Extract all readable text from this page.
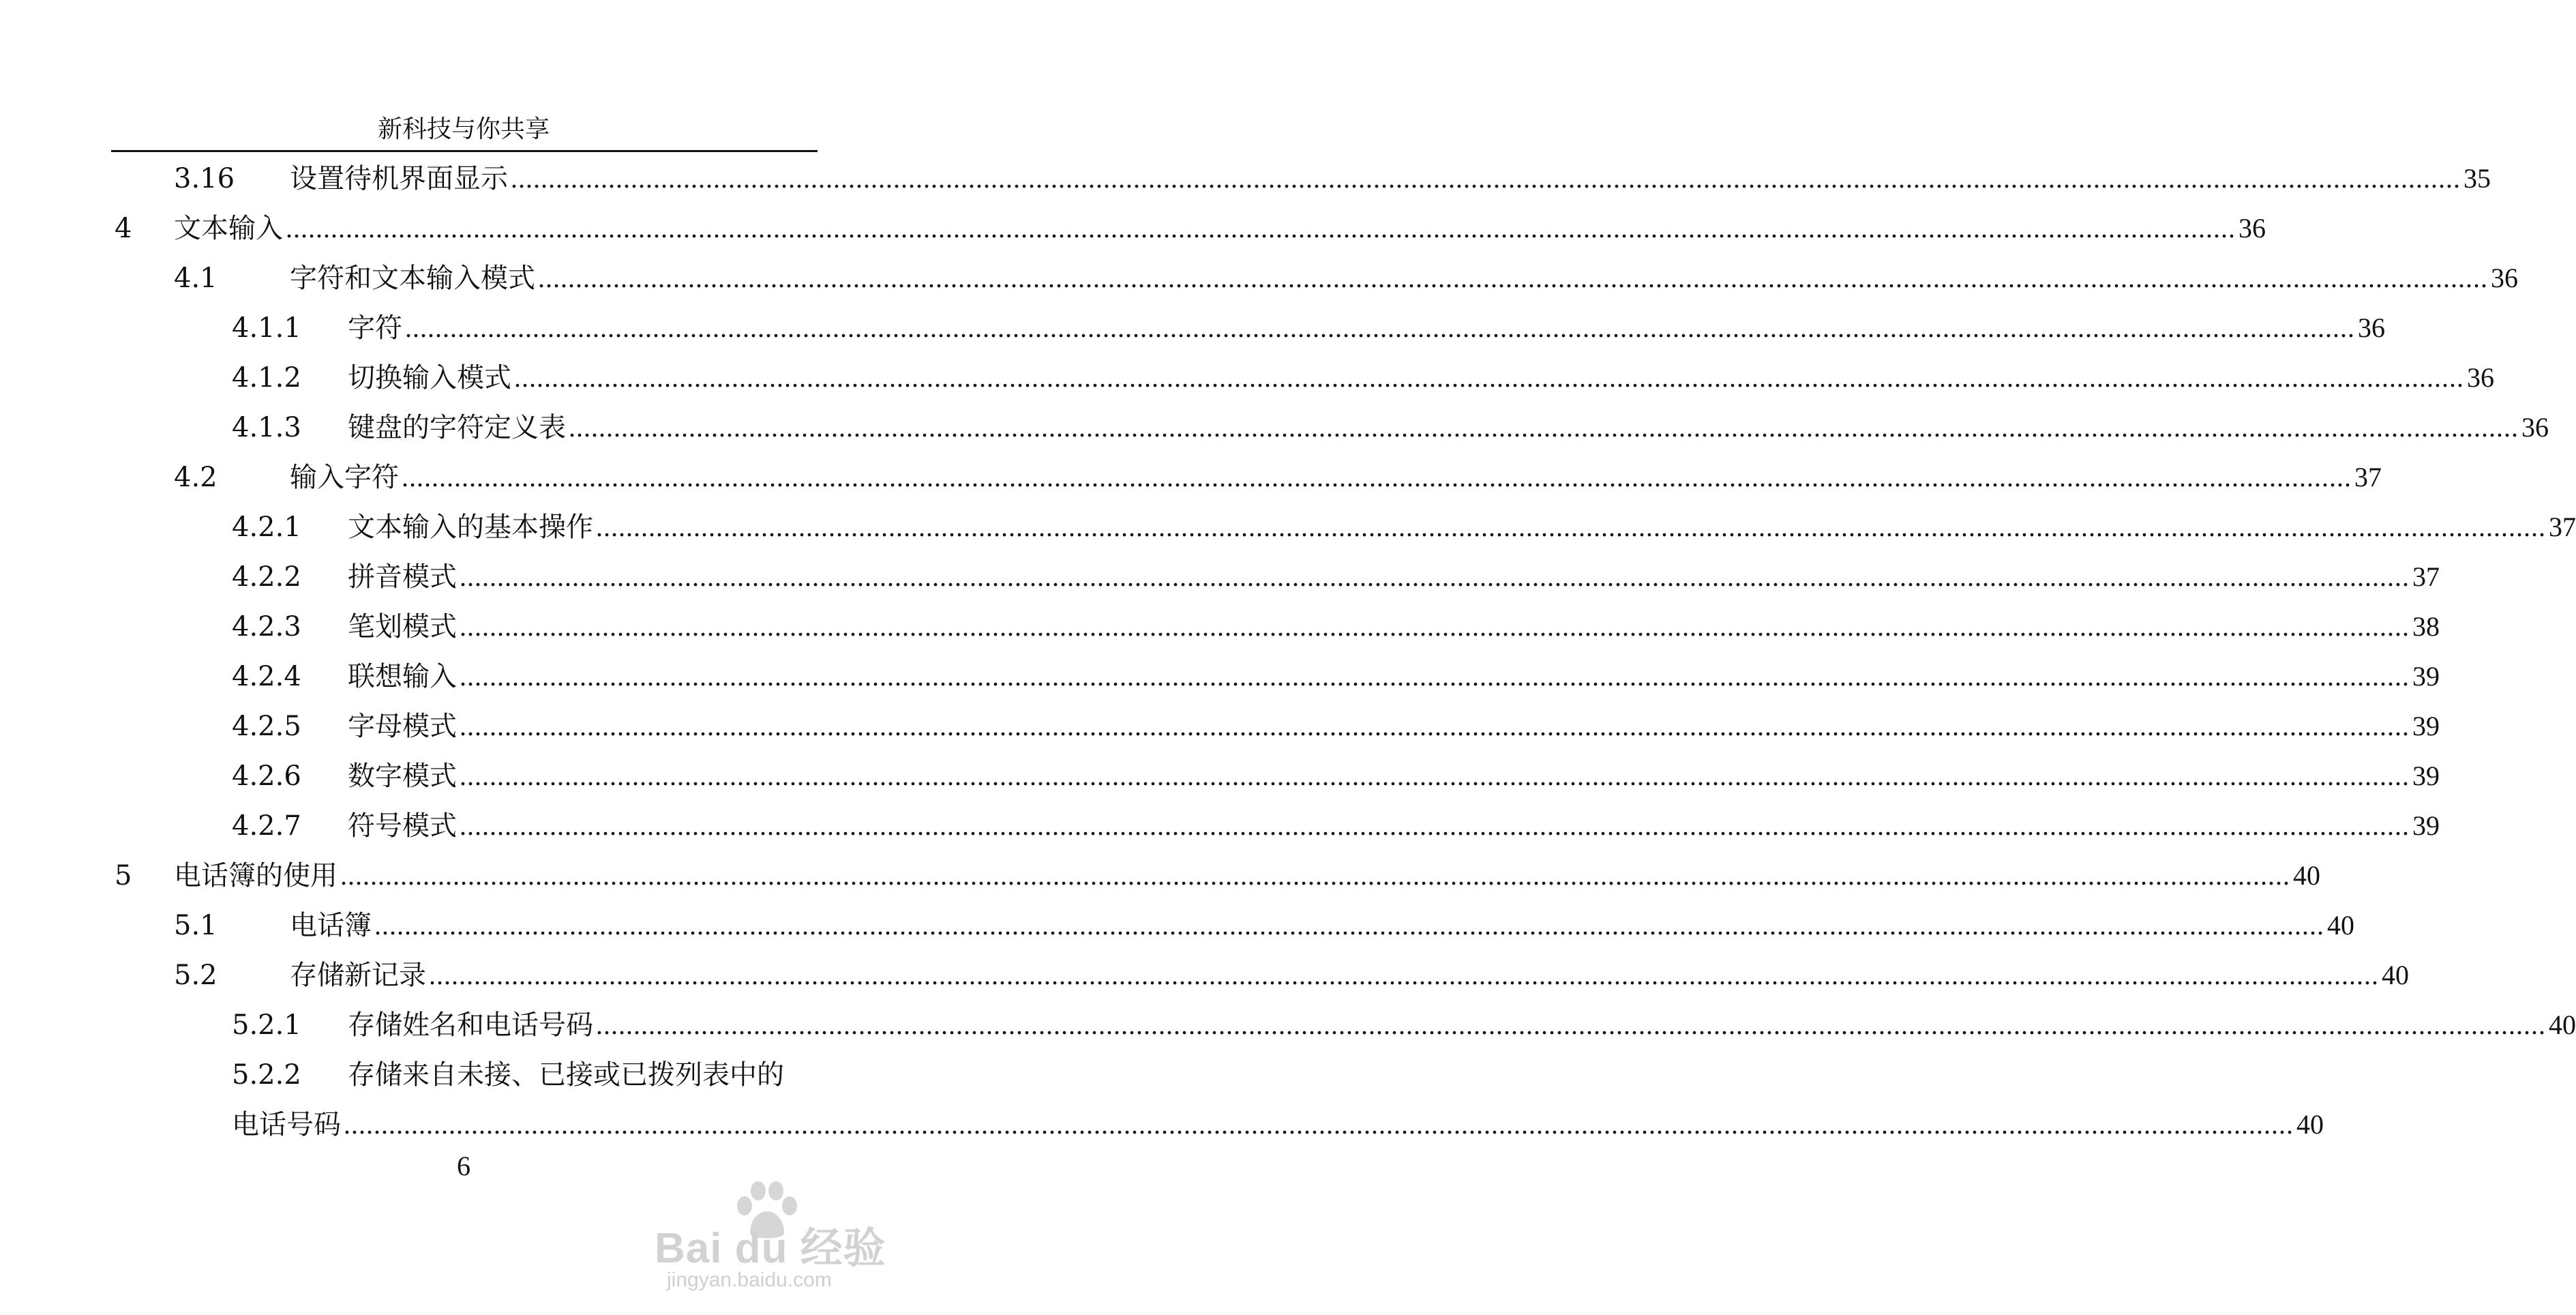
新科技与你共享
3.16 设置待机界面显示 .................................................................................................................................................................................................................................................................... 35
4 文本输入 .................................................................................................................................................................................................................................................................... 36
4.1	字符和文本输入模式 .................................................................................................................................................................................................................................................................... 36
4.1.1 字符 .................................................................................................................................................................................................................................................................... 36
4.1.2 切换输入模式 .................................................................................................................................................................................................................................................................... 36
4.1.3 键盘的字符定义表 .................................................................................................................................................................................................................................................................... 36
4.2	输入字符 .................................................................................................................................................................................................................................................................... 37
4.2.1 文本输入的基本操作 .................................................................................................................................................................................................................................................................... 37
4.2.2 拼音模式 .................................................................................................................................................................................................................................................................... 37
4.2.3 笔划模式 .................................................................................................................................................................................................................................................................... 38
4.2.4 联想输入 .................................................................................................................................................................................................................................................................... 39
4.2.5 字母模式 .................................................................................................................................................................................................................................................................... 39
4.2.6 数字模式 .................................................................................................................................................................................................................................................................... 39
4.2.7 符号模式 .................................................................................................................................................................................................................................................................... 39
5 电话簿的使用 .................................................................................................................................................................................................................................................................... 40
5.1	电话簿 .................................................................................................................................................................................................................................................................... 40
5.2	存储新记录 .................................................................................................................................................................................................................................................................... 40
5.2.1 存储姓名和电话号码 .................................................................................................................................................................................................................................................................... 40
5.2.2 存储来自未接、已接或已拨列表中的
电话号码 .................................................................................................................................................................................................................................................................... 40
6
Bai du 经验
jingyan.baidu.com
